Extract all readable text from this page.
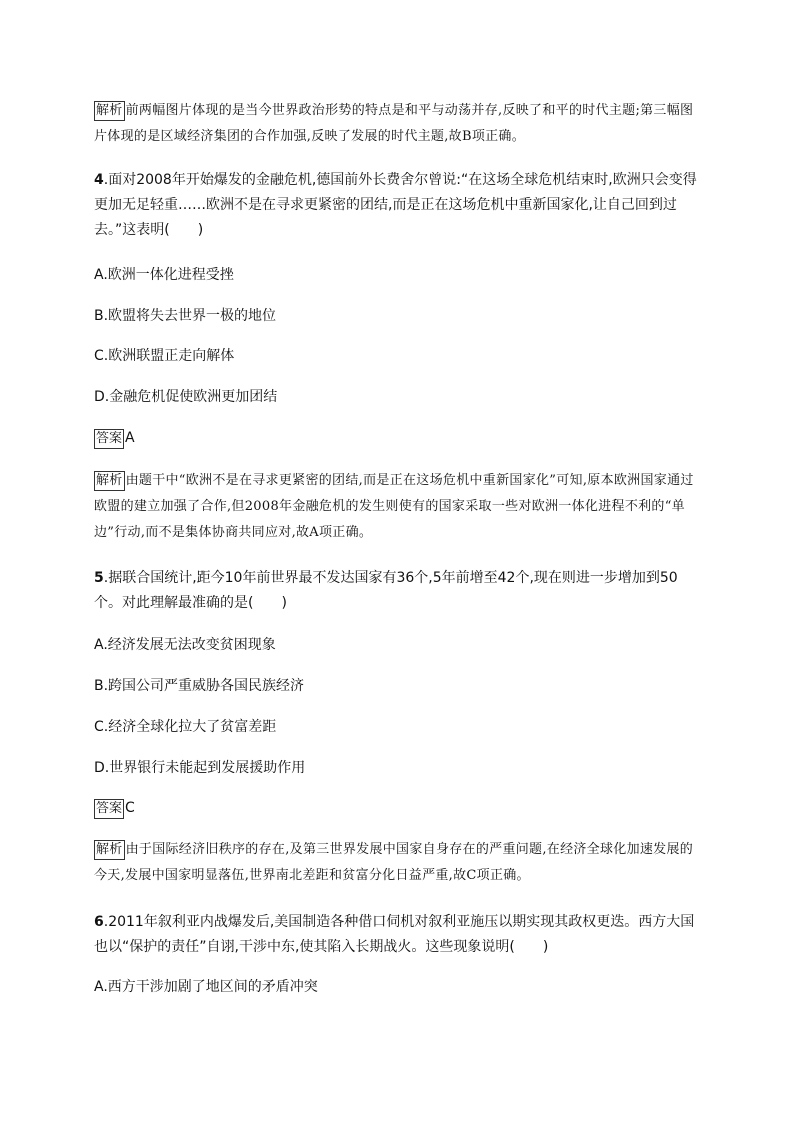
解析 前两幅图片体现的是当今世界政治形势的特点是和平与动荡并存,反映了和平的时代主题;第三幅图片体现的是区域经济集团的合作加强,反映了发展的时代主题,故B项正确。
4.面对2008年开始爆发的金融危机,德国前外长费舍尔曾说:“在这场全球危机结束时,欧洲只会变得更加无足轻重……欧洲不是在寻求更紧密的团结,而是正在这场危机中重新国家化,让自己回到过去。”这表明(　　)
A.欧洲一体化进程受挫
B.欧盟将失去世界一极的地位
C.欧洲联盟正走向解体
D.金融危机促使欧洲更加团结
答案 A
解析 由题干中“欧洲不是在寻求更紧密的团结,而是正在这场危机中重新国家化”可知,原本欧洲国家通过欧盟的建立加强了合作,但2008年金融危机的发生则使有的国家采取一些对欧洲一体化进程不利的“单边”行动,而不是集体协商共同应对,故A项正确。
5.据联合国统计,距今10年前世界最不发达国家有36个,5年前增至42个,现在则进一步增加到50个。对此理解最准确的是(　　)
A.经济发展无法改变贫困现象
B.跨国公司严重威胁各国民族经济
C.经济全球化拉大了贫富差距
D.世界银行未能起到发展援助作用
答案 C
解析 由于国际经济旧秩序的存在,及第三世界发展中国家自身存在的严重问题,在经济全球化加速发展的今天,发展中国家明显落伍,世界南北差距和贫富分化日益严重,故C项正确。
6.2011年叙利亚内战爆发后,美国制造各种借口伺机对叙利亚施压以期实现其政权更迭。西方大国也以“保护的责任”自诩,干涉中东,使其陷入长期战火。这些现象说明(　　)
A.西方干涉加剧了地区间的矛盾冲突
